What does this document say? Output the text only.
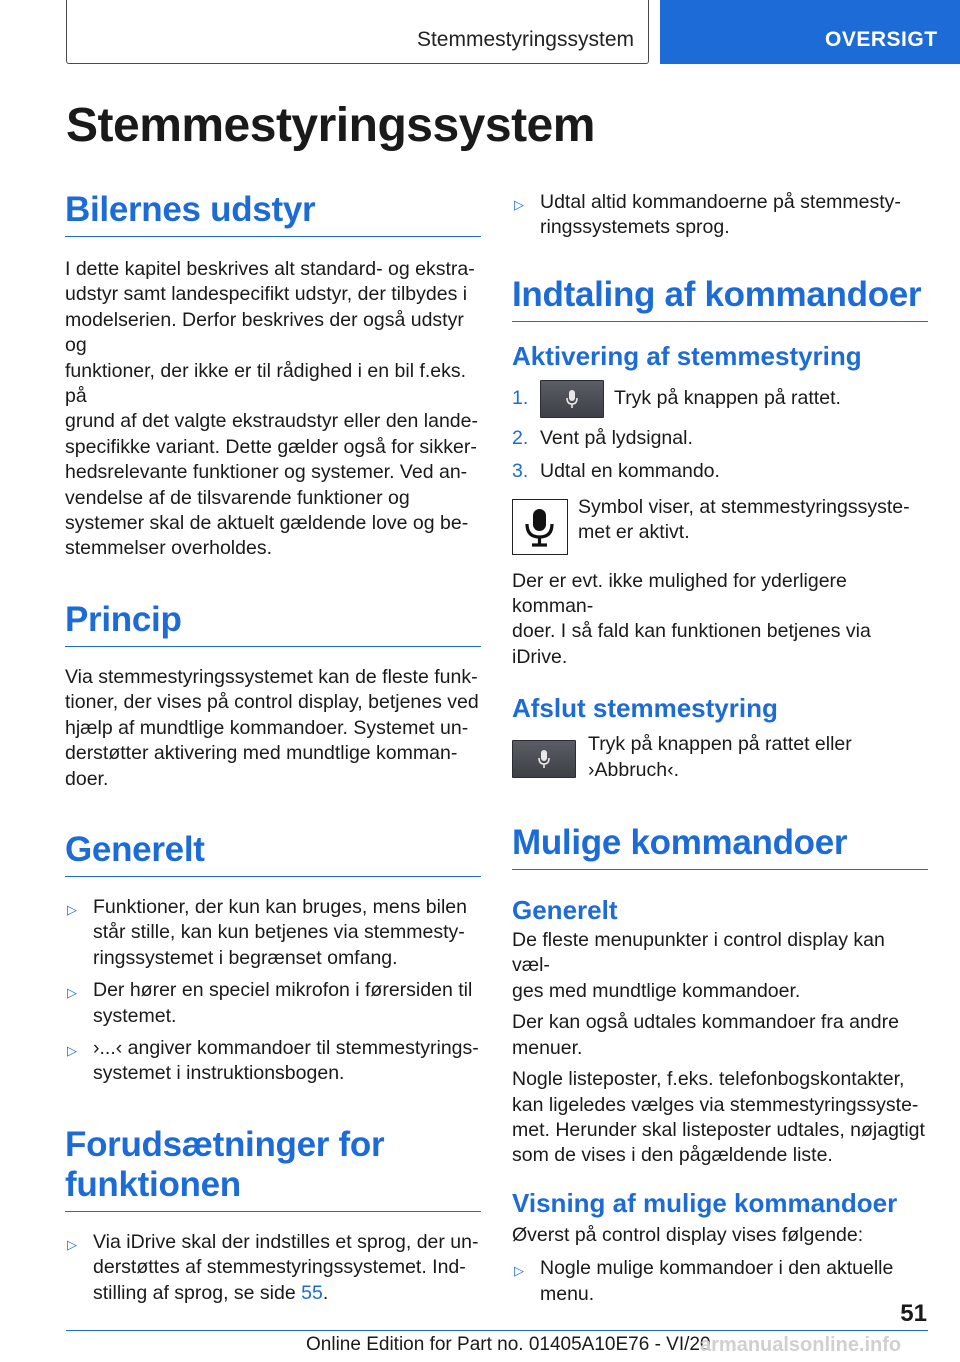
Stemmestyringssystem	OVERSIGT
Stemmestyringssystem
Bilernes udstyr
I dette kapitel beskrives alt standard- og ekstra-
udstyr samt landespecifikt udstyr, der tilbydes i
modelserien. Derfor beskrives der også udstyr og
funktioner, der ikke er til rådighed i en bil f.eks. på
grund af det valgte ekstraudstyr eller den lande-
specifikke variant. Dette gælder også for sikker-
hedsrelevante funktioner og systemer. Ved an-
vendelse af de tilsvarende funktioner og
systemer skal de aktuelt gældende love og be-
stemmelser overholdes.
Princip
Via stemmestyringssystemet kan de fleste funk-
tioner, der vises på control display, betjenes ved
hjælp af mundtlige kommandoer. Systemet un-
derstøtter aktivering med mundtlige komman-
doer.
Generelt
▷ Funktioner, der kun kan bruges, mens bilen
står stille, kan kun betjenes via stemmesty-
ringssystemet i begrænset omfang.
▷ Der hører en speciel mikrofon i førersiden til
systemet.
▷ ›...‹ angiver kommandoer til stemmestyrings-
systemet i instruktionsbogen.
Forudsætninger for
funktionen
▷ Via iDrive skal der indstilles et sprog, der un-
derstøttes af stemmestyringssystemet. Ind-
stilling af sprog, se side 55.
▷ Udtal altid kommandoerne på stemmesty-
ringssystemets sprog.
Indtaling af kommandoer
Aktivering af stemmestyring
1.	Tryk på knappen på rattet.
2. Vent på lydsignal.
3. Udtal en kommando.
Symbol viser, at stemmestyringssyste-
met er aktivt.
Der er evt. ikke mulighed for yderligere komman-
doer. I så fald kan funktionen betjenes via iDrive.
Afslut stemmestyring
Tryk på knappen på rattet eller
›Abbruch‹.
Mulige kommandoer
Generelt
De fleste menupunkter i control display kan væl-
ges med mundtlige kommandoer.
Der kan også udtales kommandoer fra andre
menuer.
Nogle listeposter, f.eks. telefonbogskontakter,
kan ligeledes vælges via stemmestyringssyste-
met. Herunder skal listeposter udtales, nøjagtigt
som de vises i den pågældende liste.
Visning af mulige kommandoer
Øverst på control display vises følgende:
▷ Nogle mulige kommandoer i den aktuelle
menu.
51
Online Edition for Part no. 01405A10E76 - VI/20
armanualsonline.info
